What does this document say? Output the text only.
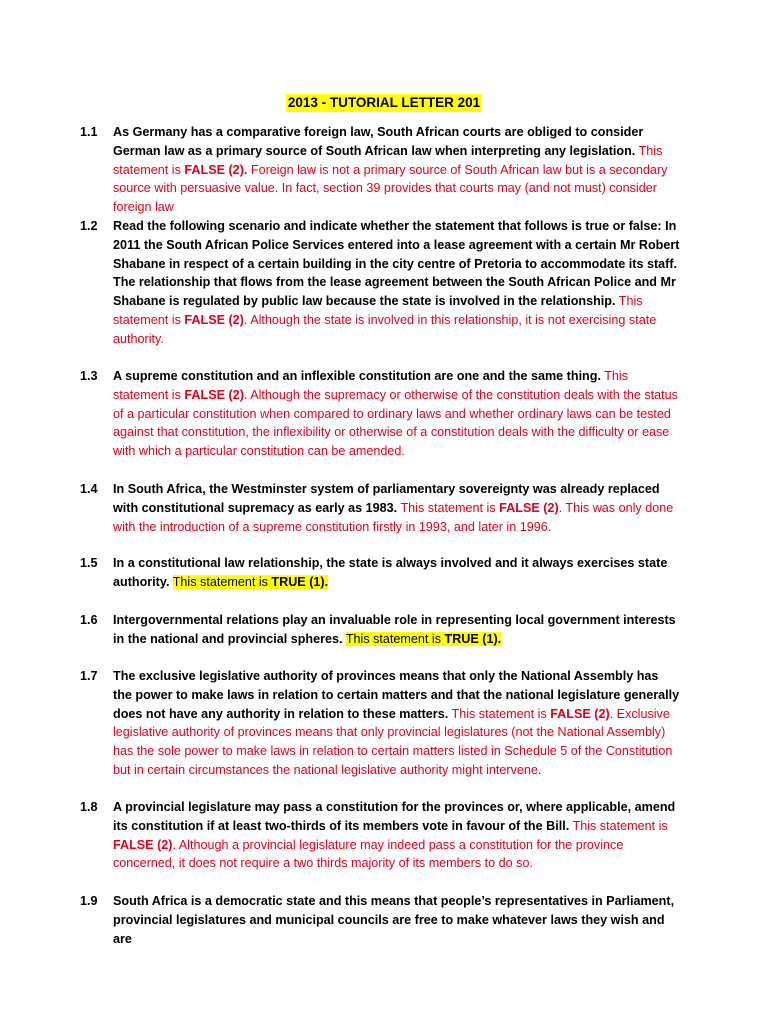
2013 - TUTORIAL LETTER 201
1.1 As Germany has a comparative foreign law, South African courts are obliged to consider German law as a primary source of South African law when interpreting any legislation. This statement is FALSE (2). Foreign law is not a primary source of South African law but is a secondary source with persuasive value. In fact, section 39 provides that courts may (and not must) consider foreign law
1.2 Read the following scenario and indicate whether the statement that follows is true or false: In 2011 the South African Police Services entered into a lease agreement with a certain Mr Robert Shabane in respect of a certain building in the city centre of Pretoria to accommodate its staff. The relationship that flows from the lease agreement between the South African Police and Mr Shabane is regulated by public law because the state is involved in the relationship. This statement is FALSE (2). Although the state is involved in this relationship, it is not exercising state authority.
1.3 A supreme constitution and an inflexible constitution are one and the same thing. This statement is FALSE (2). Although the supremacy or otherwise of the constitution deals with the status of a particular constitution when compared to ordinary laws and whether ordinary laws can be tested against that constitution, the inflexibility or otherwise of a constitution deals with the difficulty or ease with which a particular constitution can be amended.
1.4 In South Africa, the Westminster system of parliamentary sovereignty was already replaced with constitutional supremacy as early as 1983. This statement is FALSE (2). This was only done with the introduction of a supreme constitution firstly in 1993, and later in 1996.
1.5 In a constitutional law relationship, the state is always involved and it always exercises state authority. This statement is TRUE (1).
1.6 Intergovernmental relations play an invaluable role in representing local government interests in the national and provincial spheres. This statement is TRUE (1).
1.7 The exclusive legislative authority of provinces means that only the National Assembly has the power to make laws in relation to certain matters and that the national legislature generally does not have any authority in relation to these matters. This statement is FALSE (2). Exclusive legislative authority of provinces means that only provincial legislatures (not the National Assembly) has the sole power to make laws in relation to certain matters listed in Schedule 5 of the Constitution but in certain circumstances the national legislative authority might intervene.
1.8 A provincial legislature may pass a constitution for the provinces or, where applicable, amend its constitution if at least two-thirds of its members vote in favour of the Bill. This statement is FALSE (2). Although a provincial legislature may indeed pass a constitution for the province concerned, it does not require a two thirds majority of its members to do so.
1.9 South Africa is a democratic state and this means that people’s representatives in Parliament, provincial legislatures and municipal councils are free to make whatever laws they wish and are
